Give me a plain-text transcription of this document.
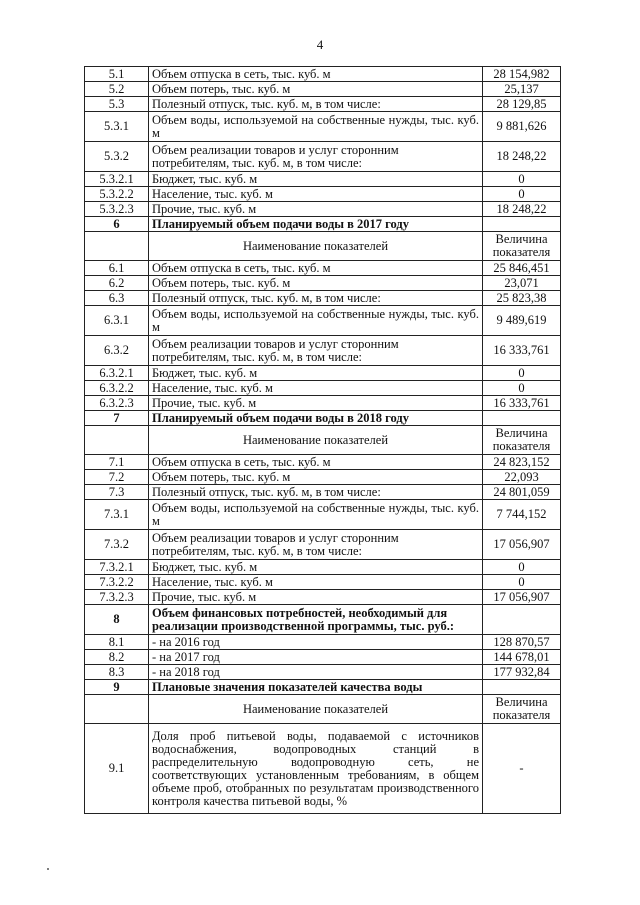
4
5.1	Объем отпуска в сеть, тыс. куб. м	28 154,982
5.2	Объем потерь, тыс. куб. м	25,137
5.3	Полезный отпуск, тыс. куб. м, в том числе:	28 129,85
5.3.1	Объем воды, используемой на собственные нужды, тыс. куб. м	9 881,626
5.3.2	Объем реализации товаров и услуг сторонним потребителям, тыс. куб. м, в том числе:	18 248,22
5.3.2.1	Бюджет, тыс. куб. м	0
5.3.2.2	Население, тыс. куб. м	0
5.3.2.3	Прочие, тыс. куб. м	18 248,22
6	Планируемый объем подачи воды в 2017 году	
	Наименование показателей	Величина показателя
6.1	Объем отпуска в сеть, тыс. куб. м	25 846,451
6.2	Объем потерь, тыс. куб. м	23,071
6.3	Полезный отпуск, тыс. куб. м, в том числе:	25 823,38
6.3.1	Объем воды, используемой на собственные нужды, тыс. куб. м	9 489,619
6.3.2	Объем реализации товаров и услуг сторонним потребителям, тыс. куб. м, в том числе:	16 333,761
6.3.2.1	Бюджет, тыс. куб. м	0
6.3.2.2	Население, тыс. куб. м	0
6.3.2.3	Прочие, тыс. куб. м	16 333,761
7	Планируемый объем подачи воды в 2018 году	
	Наименование показателей	Величина показателя
7.1	Объем отпуска в сеть, тыс. куб. м	24 823,152
7.2	Объем потерь, тыс. куб. м	22,093
7.3	Полезный отпуск, тыс. куб. м, в том числе:	24 801,059
7.3.1	Объем воды, используемой на собственные нужды, тыс. куб. м	7 744,152
7.3.2	Объем реализации товаров и услуг сторонним потребителям, тыс. куб. м, в том числе:	17 056,907
7.3.2.1	Бюджет, тыс. куб. м	0
7.3.2.2	Население, тыс. куб. м	0
7.3.2.3	Прочие, тыс. куб. м	17 056,907
8	Объем финансовых потребностей, необходимый для реализации производственной программы, тыс. руб.:	
8.1	- на 2016 год	128 870,57
8.2	- на 2017 год	144 678,01
8.3	- на 2018 год	177 932,84
9	Плановые значения показателей качества воды	
	Наименование показателей	Величина показателя
9.1	Доля проб питьевой воды, подаваемой с источников водоснабжения, водопроводных станций в распределительную водопроводную сеть, не соответствующих установленным требованиям, в общем объеме проб, отобранных по результатам производственного контроля качества питьевой воды, %	-
